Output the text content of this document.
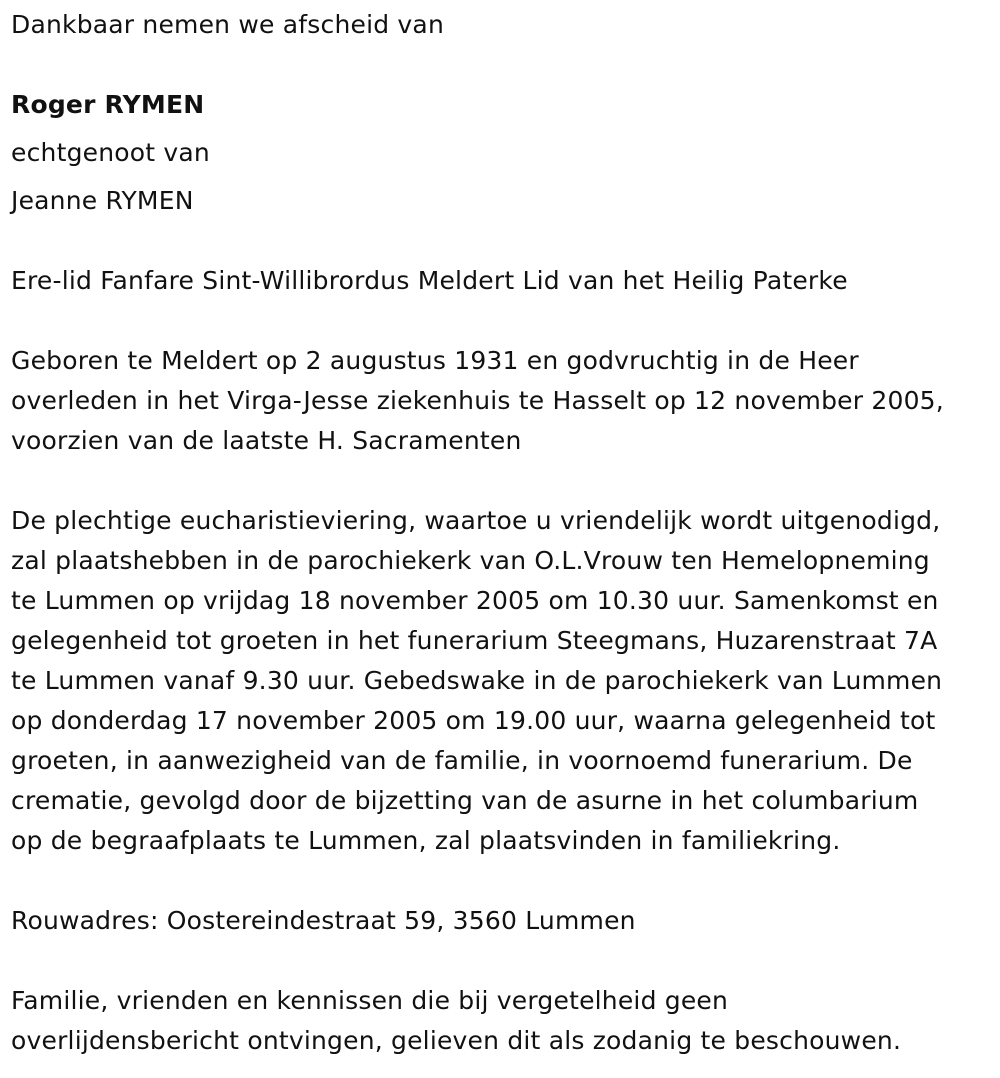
Dankbaar nemen we afscheid van
Roger RYMEN
echtgenoot van
Jeanne RYMEN
Ere-lid Fanfare Sint-Willibrordus Meldert Lid van het Heilig Paterke
Geboren te Meldert op 2 augustus 1931 en godvruchtig in de Heer
overleden in het Virga-Jesse ziekenhuis te Hasselt op 12 november 2005,
voorzien van de laatste H. Sacramenten
De plechtige eucharistieviering, waartoe u vriendelijk wordt uitgenodigd,
zal plaatshebben in de parochiekerk van O.L.Vrouw ten Hemelopneming
te Lummen op vrijdag 18 november 2005 om 10.30 uur. Samenkomst en
gelegenheid tot groeten in het funerarium Steegmans, Huzarenstraat 7A
te Lummen vanaf 9.30 uur. Gebedswake in de parochiekerk van Lummen
op donderdag 17 november 2005 om 19.00 uur, waarna gelegenheid tot
groeten, in aanwezigheid van de familie, in voornoemd funerarium. De
crematie, gevolgd door de bijzetting van de asurne in het columbarium
op de begraafplaats te Lummen, zal plaatsvinden in familiekring.
Rouwadres: Oostereindestraat 59, 3560 Lummen
Familie, vrienden en kennissen die bij vergetelheid geen
overlijdensbericht ontvingen, gelieven dit als zodanig te beschouwen.
